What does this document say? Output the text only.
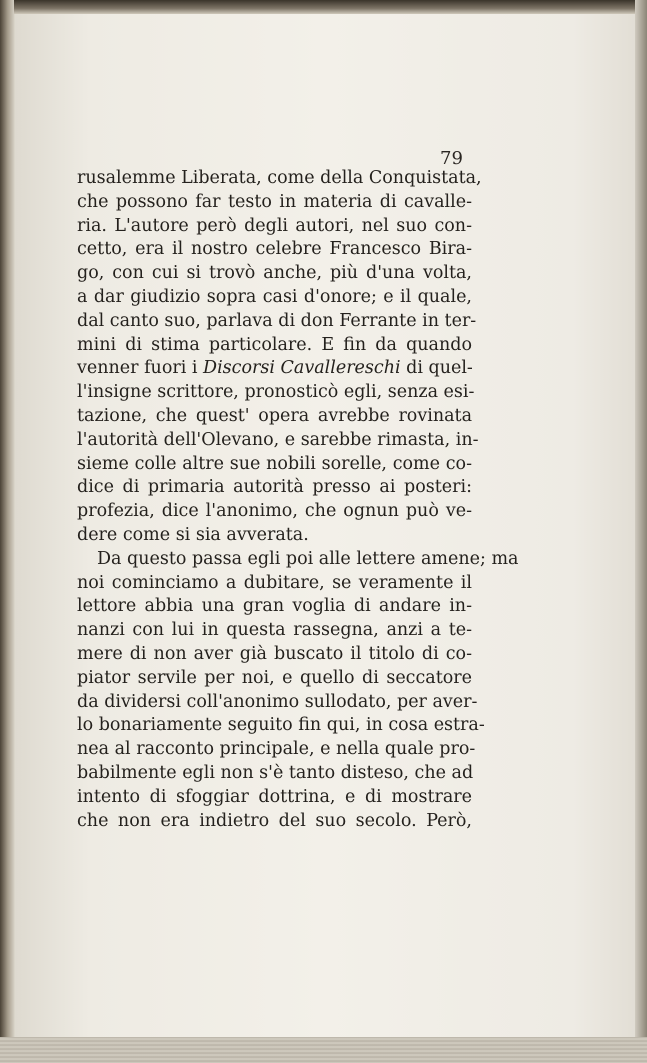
79

rusalemme Liberata, come della Conquistata,
che possono far testo in materia di cavalle-
ria. L'autore però degli autori, nel suo con-
cetto, era il nostro celebre Francesco Bira-
go, con cui si trovò anche, più d'una volta,
a dar giudizio sopra casi d'onore; e il quale,
dal canto suo, parlava di don Ferrante in ter-
mini di stima particolare. E fin da quando
venner fuori i Discorsi Cavallereschi di quel-
l'insigne scrittore, pronosticò egli, senza esi-
tazione, che quest' opera avrebbe rovinata
l'autorità dell'Olevano, e sarebbe rimasta, in-
sieme colle altre sue nobili sorelle, come co-
dice di primaria autorità presso ai posteri:
profezia, dice l'anonimo, che ognun può ve-
dere come si sia avverata.
Da questo passa egli poi alle lettere amene; ma
noi cominciamo a dubitare, se veramente il
lettore abbia una gran voglia di andare in-
nanzi con lui in questa rassegna, anzi a te-
mere di non aver già buscato il titolo di co-
piator servile per noi, e quello di seccatore
da dividersi coll'anonimo sullodato, per aver-
lo bonariamente seguito fin qui, in cosa estra-
nea al racconto principale, e nella quale pro-
babilmente egli non s'è tanto disteso, che ad
intento di sfoggiar dottrina, e di mostrare
che non era indietro del suo secolo. Però,
